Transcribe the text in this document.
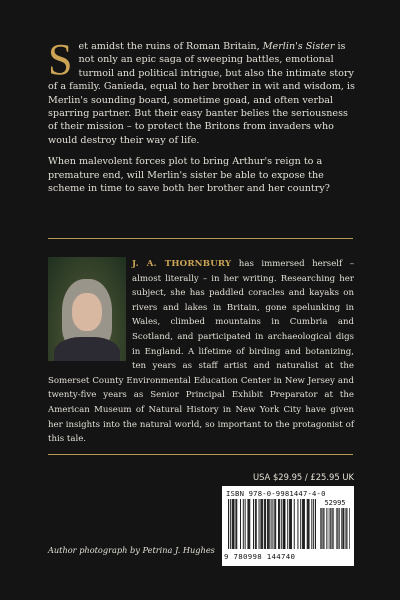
Set amidst the ruins of Roman Britain, Merlin's Sister is not only an epic saga of sweeping battles, emotional turmoil and political intrigue, but also the intimate story of a family. Ganieda, equal to her brother in wit and wisdom, is Merlin's sounding board, sometime goad, and often verbal sparring partner. But their easy banter belies the seriousness of their mission – to protect the Britons from invaders who would destroy their way of life.

When malevolent forces plot to bring Arthur's reign to a premature end, will Merlin's sister be able to expose the scheme in time to save both her brother and her country?

J. A. THORNBURY has immersed herself – almost literally – in her writing. Researching her subject, she has paddled coracles and kayaks on rivers and lakes in Britain, gone spelunking in Wales, climbed mountains in Cumbria and Scotland, and participated in archaeological digs in England. A lifetime of birding and botanizing, ten years as staff artist and naturalist at the Somerset County Environmental Education Center in New Jersey and twenty-five years as Senior Principal Exhibit Preparator at the American Museum of Natural History in New York City have given her insights into the natural world, so important to the protagonist of this tale.
USA $29.95 / £25.95 UK
ISBN 978-0-9981447-4-0
52995
9 780998 144740
Author photograph by Petrina J. Hughes
